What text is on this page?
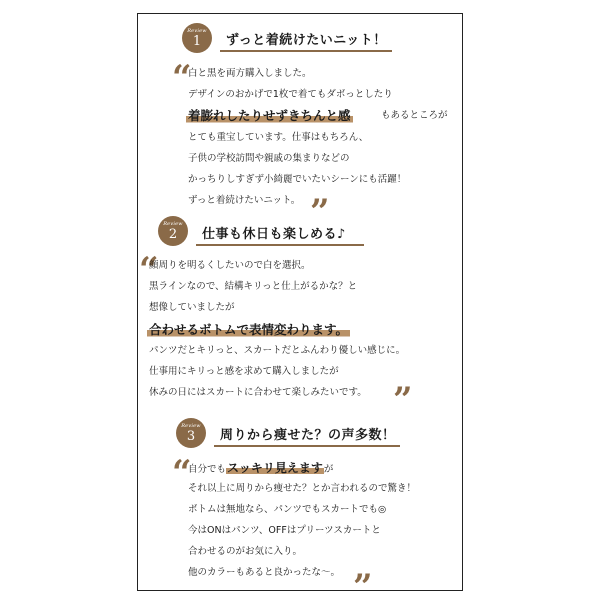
Review
1	ずっと着続けたいニット！
“
白と黒を両方購入しました。
デザインのおかげで1枚で着てもダボっとしたり
着膨れしたりせずきちんと感	もあるところが
とても重宝しています。仕事はもちろん、
子供の学校訪問や親戚の集まりなどの
かっちりしすぎず小綺麗でいたいシーンにも活躍！
ずっと着続けたいニット。 ”
Review
2	仕事も休日も楽しめる♪
“
顔周りを明るくしたいので白を選択。
黒ラインなので、結構キリっと仕上がるかな？と
想像していましたが
合わせるボトムで表情変わります。
パンツだとキリっと、スカートだとふんわり優しい感じに。
仕事用にキリっと感を求めて購入しましたが
休みの日にはスカートに合わせて楽しみたいです。 ”
Review
3	周りから痩せた？の声多数！
“
自分でもスッキリ見えますが
それ以上に周りから痩せた？とか言われるので驚き！
ボトムは無地なら、パンツでもスカートでも◎
今はONはパンツ、OFFはプリーツスカートと
合わせるのがお気に入り。
他のカラーもあると良かったな〜。 ”
